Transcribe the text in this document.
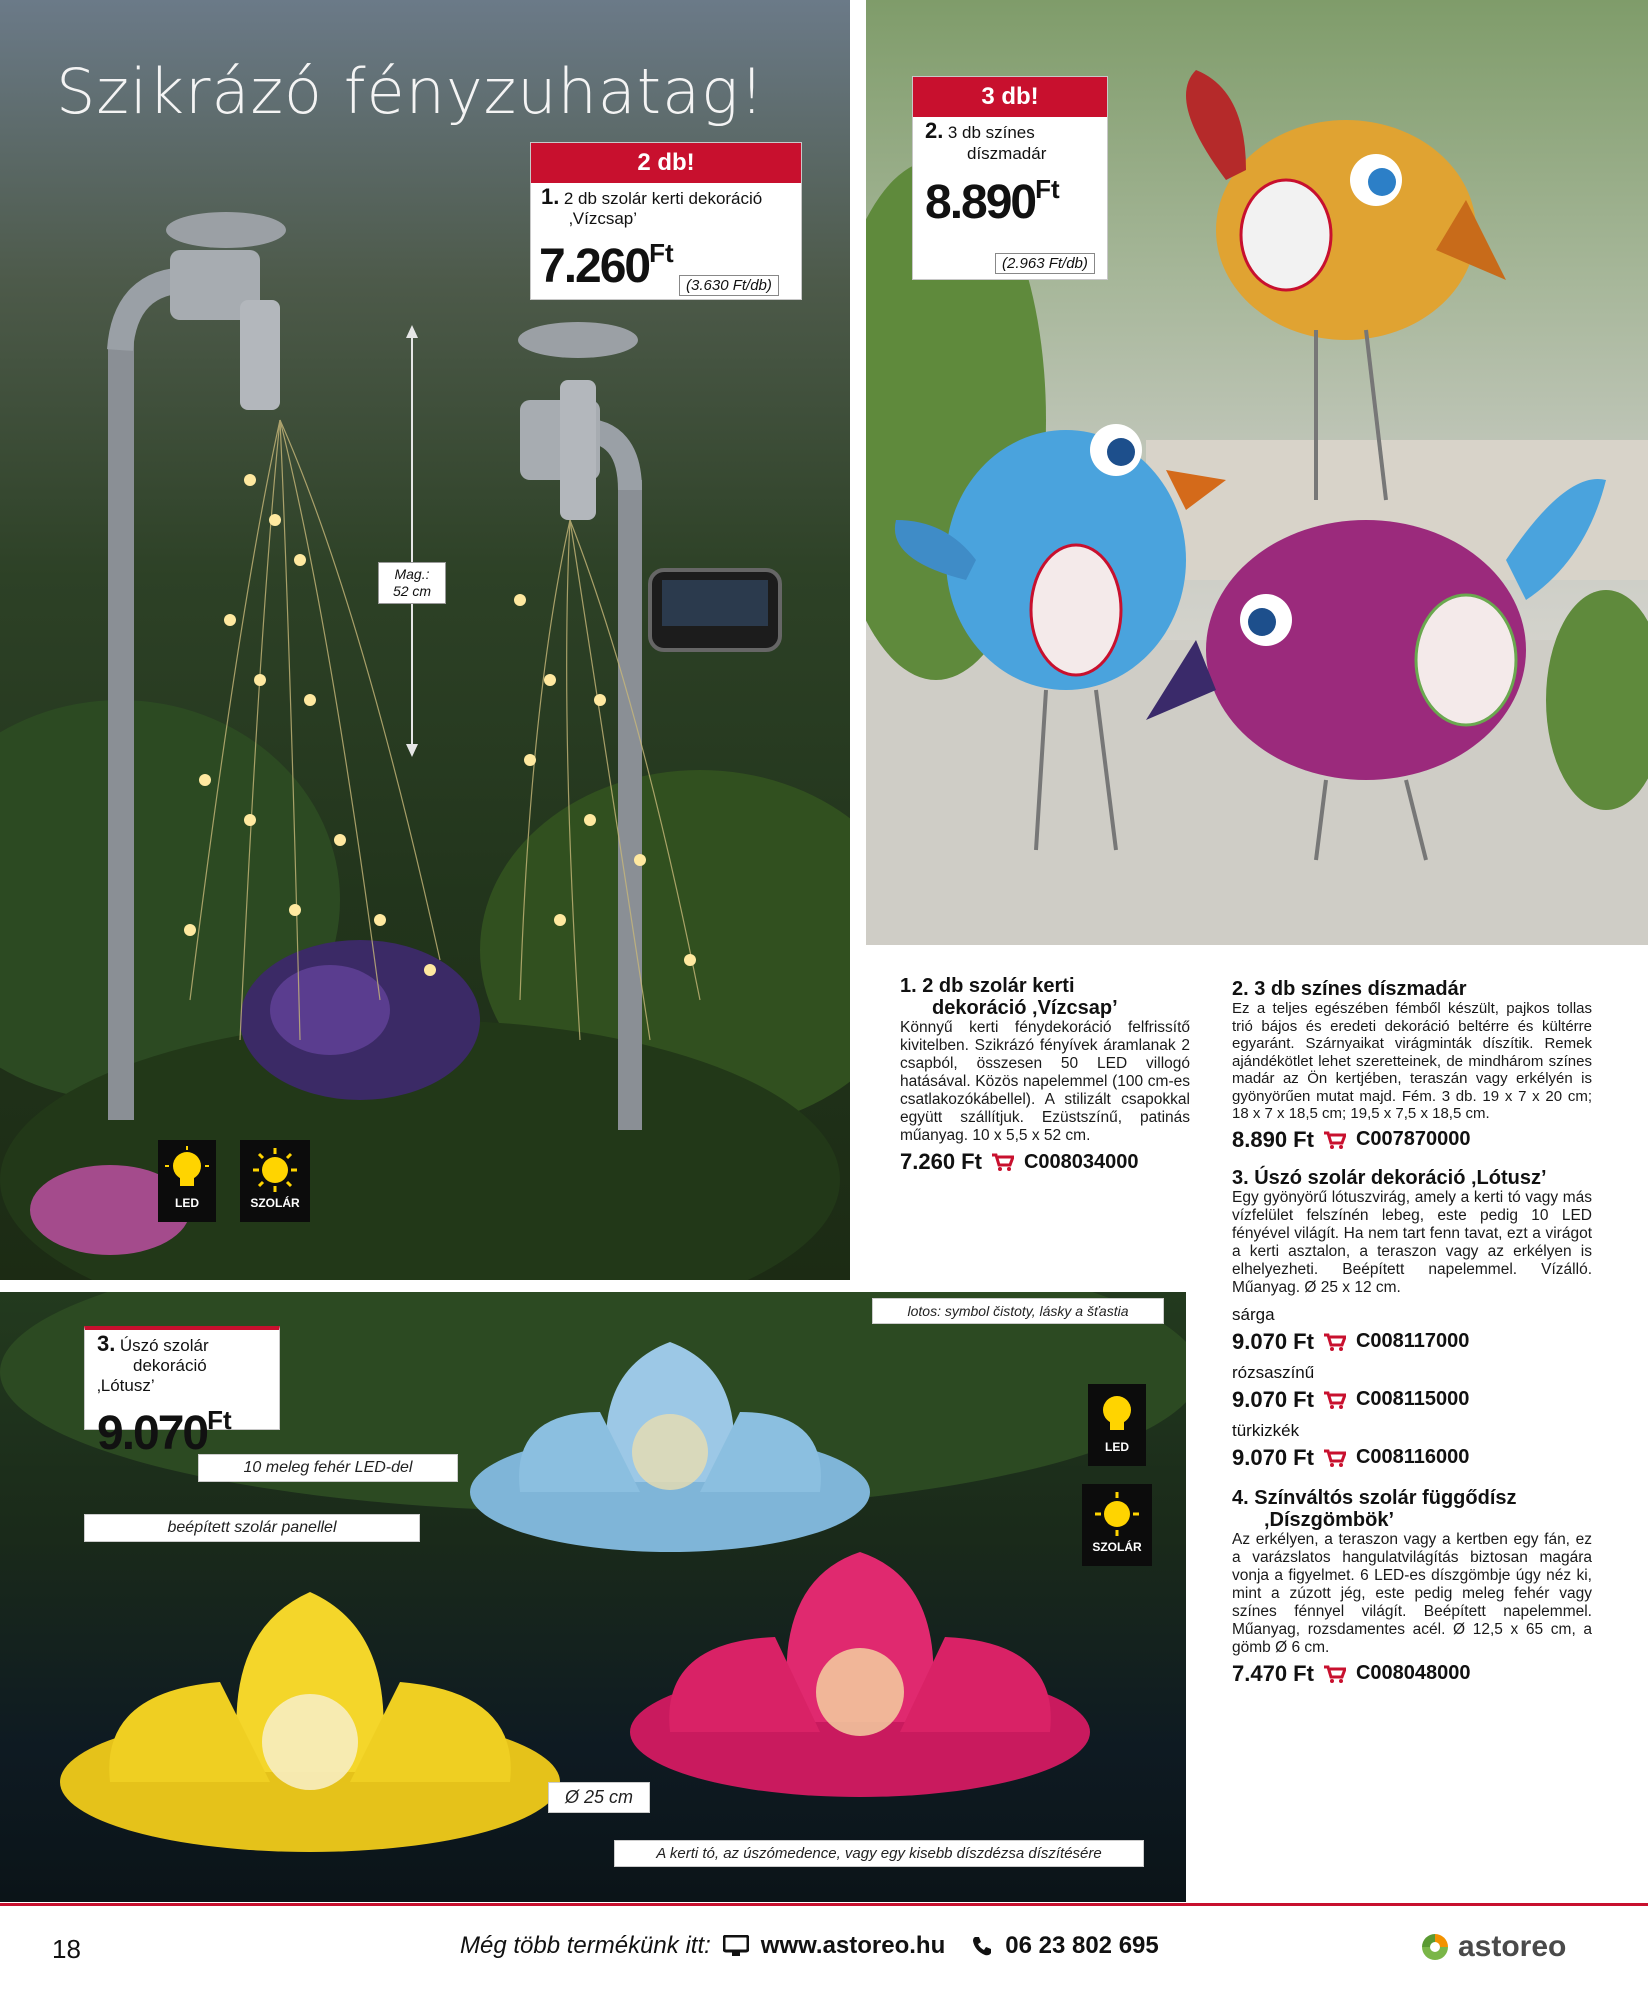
Mag.:
52 cm
Szikrázó fényzuhatag!
LED	SZOLÁR
2 db!
1. 2 db szolár kerti dekoráció
‚Vízcsap’
$7.260^{Ft}$
(3.630 Ft/db)
3 db!
2. 3 db színes
díszmadár
$8.890^{Ft}$
(2.963 Ft/db)
lotos: symbol čistoty, lásky a šťastia
10 meleg fehér LED-del
beépített szolár panellel
Ø 25 cm
A kerti tó, az úszómedence, vagy egy kisebb díszdézsa díszítésére
LED
SZOLÁR
3. Úszó szolár
dekoráció ‚Lótusz’
$9.070^{Ft}$
1. 2 db szolár kerti
dekoráció ‚Vízcsap’

Könnyű kerti fénydekoráció felfrissítő kivitelben. Szikrázó fényívek áramlanak 2 csapból, összesen 50 LED villogó hatásával. Közös napelemmel (100 cm-es csatlakozókábellel). A stilizált csapokkal együtt szállítjuk. Ezüstszínű, patinás műanyag. 10 x 5,5 x 52 cm.

7.260 Ft C008034000
2. 3 db színes díszmadár

Ez a teljes egészében fémből készült, pajkos tollas trió bájos és eredeti dekoráció beltérre és kültérre egyaránt. Szárnyaikat virágminták díszítik. Remek ajándékötlet lehet szeretteinek, de mindhárom színes madár az Ön kertjében, teraszán vagy erkélyén is gyönyörűen mutat majd. Fém. 3 db. 19 x 7 x 20 cm; 18 x 7 x 18,5 cm; 19,5 x 7,5 x 18,5 cm.

8.890 Ft C007870000
3. Úszó szolár dekoráció ‚Lótusz’

Egy gyönyörű lótuszvirág, amely a kerti tó vagy más vízfelület felszínén lebeg, este pedig 10 LED fényével világít. Ha nem tart fenn tavat, ezt a virágot a kerti asztalon, a teraszon vagy az erkélyen is elhelyezheti. Beépített napelemmel. Vízálló. Műanyag. Ø 25 x 12 cm.

sárga
9.070 Ft C008117000
rózsaszínű
9.070 Ft C008115000
türkizkék
9.070 Ft C008116000
4. Színváltós szolár függődísz
‚Díszgömbök’

Az erkélyen, a teraszon vagy a kertben egy fán, ez a varázslatos hangulatvilágítás biztosan magára vonja a figyelmet. 6 LED-es díszgömbje úgy néz ki, mint a zúzott jég, este pedig meleg fehér vagy színes fénnyel világít. Beépített napelemmel. Műanyag, rozsdamentes acél. Ø 12,5 x 65 cm, a gömb Ø 6 cm.

7.470 Ft C008048000
18	Még több termékünk itt: www.astoreo.hu	06 23 802 695	astoreo
